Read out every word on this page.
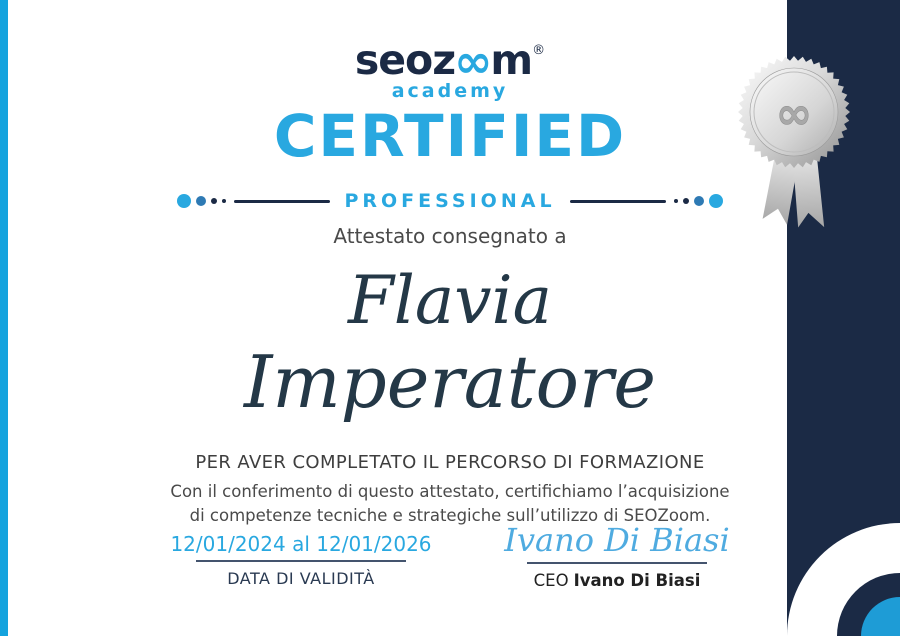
∞
seoz∞m®
academy
CERTIFIED
PROFESSIONAL
Attestato consegnato a
Flavia
Imperatore
PER AVER COMPLETATO IL PERCORSO DI FORMAZIONE
Con il conferimento di questo attestato, certifichiamo l’acquisizione
di competenze tecniche e strategiche sull’utilizzo di SEOZoom.
12/01/2024 al 12/01/2026
DATA DI VALIDITÀ
Ivano Di Biasi
CEO Ivano Di Biasi
